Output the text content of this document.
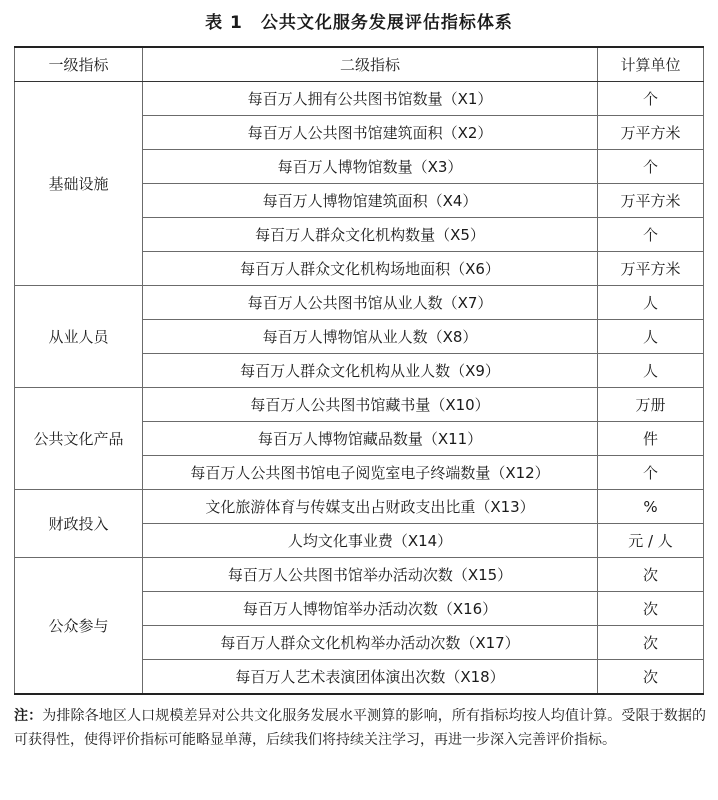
表 1 公共文化服务发展评估指标体系
一级指标	二级指标	计算单位
基础设施	每百万人拥有公共图书馆数量（X1）	个
	每百万人公共图书馆建筑面积（X2）	万平方米
	每百万人博物馆数量（X3）	个
	每百万人博物馆建筑面积（X4）	万平方米
	每百万人群众文化机构数量（X5）	个
	每百万人群众文化机构场地面积（X6）	万平方米
从业人员	每百万人公共图书馆从业人数（X7）	人
	每百万人博物馆从业人数（X8）	人
	每百万人群众文化机构从业人数（X9）	人
公共文化产品	每百万人公共图书馆藏书量（X10）	万册
	每百万人博物馆藏品数量（X11）	件
	每百万人公共图书馆电子阅览室电子终端数量（X12）	个
财政投入	文化旅游体育与传媒支出占财政支出比重（X13）	%
	人均文化事业费（X14）	元 / 人
公众参与	每百万人公共图书馆举办活动次数（X15）	次
	每百万人博物馆举办活动次数（X16）	次
	每百万人群众文化机构举办活动次数（X17）	次
	每百万人艺术表演团体演出次数（X18）	次
注：为排除各地区人口规模差异对公共文化服务发展水平测算的影响，所有指标均按人均值计算。受限于数据的可获得性，使得评价指标可能略显单薄，后续我们将持续关注学习，再进一步深入完善评价指标。
